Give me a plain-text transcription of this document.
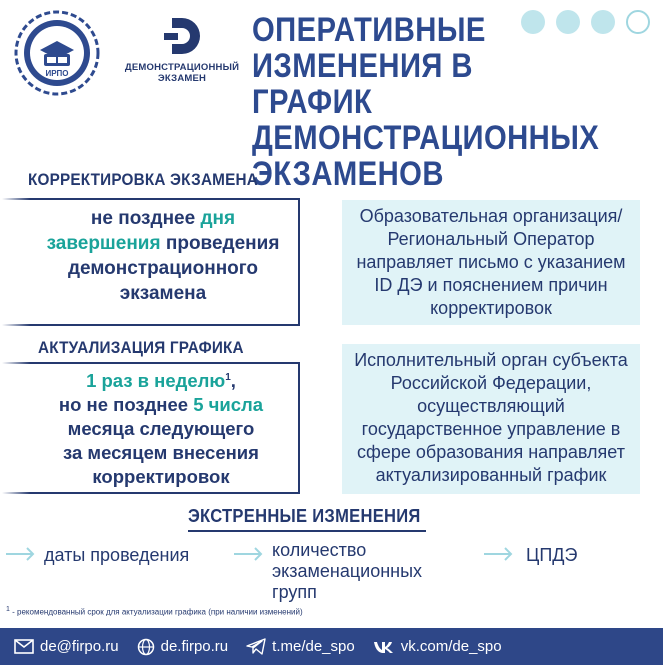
ИРПО
ДЕМОНСТРАЦИОННЫЙ
ЭКЗАМЕН
ОПЕРАТИВНЫЕ
ИЗМЕНЕНИЯ В ГРАФИК
ДЕМОНСТРАЦИОННЫХ
ЭКЗАМЕНОВ
КОРРЕКТИРОВКА ЭКЗАМЕНА
не позднее дня
завершения проведения
демонстрационного
экзамена
Образовательная организация/Региональный Оператор направляет письмо с указанием ID ДЭ и пояснением причин корректировок
АКТУАЛИЗАЦИЯ ГРАФИКА
1 раз в неделю$^1$,
но не позднее 5 числа
месяца следующего
за месяцем внесения
корректировок
Исполнительный орган субъекта Российской Федерации, осуществляющий государственное управление в сфере образования направляет актуализированный график
ЭКСТРЕННЫЕ ИЗМЕНЕНИЯ
даты проведения	количество экзаменационных групп
ЦПДЭ
$^1$ - рекомендованный срок для актуализации графика (при наличии изменений)
de@firpo.ru	de.firpo.ru	t.me/de_spo	vk.com/de_spo
